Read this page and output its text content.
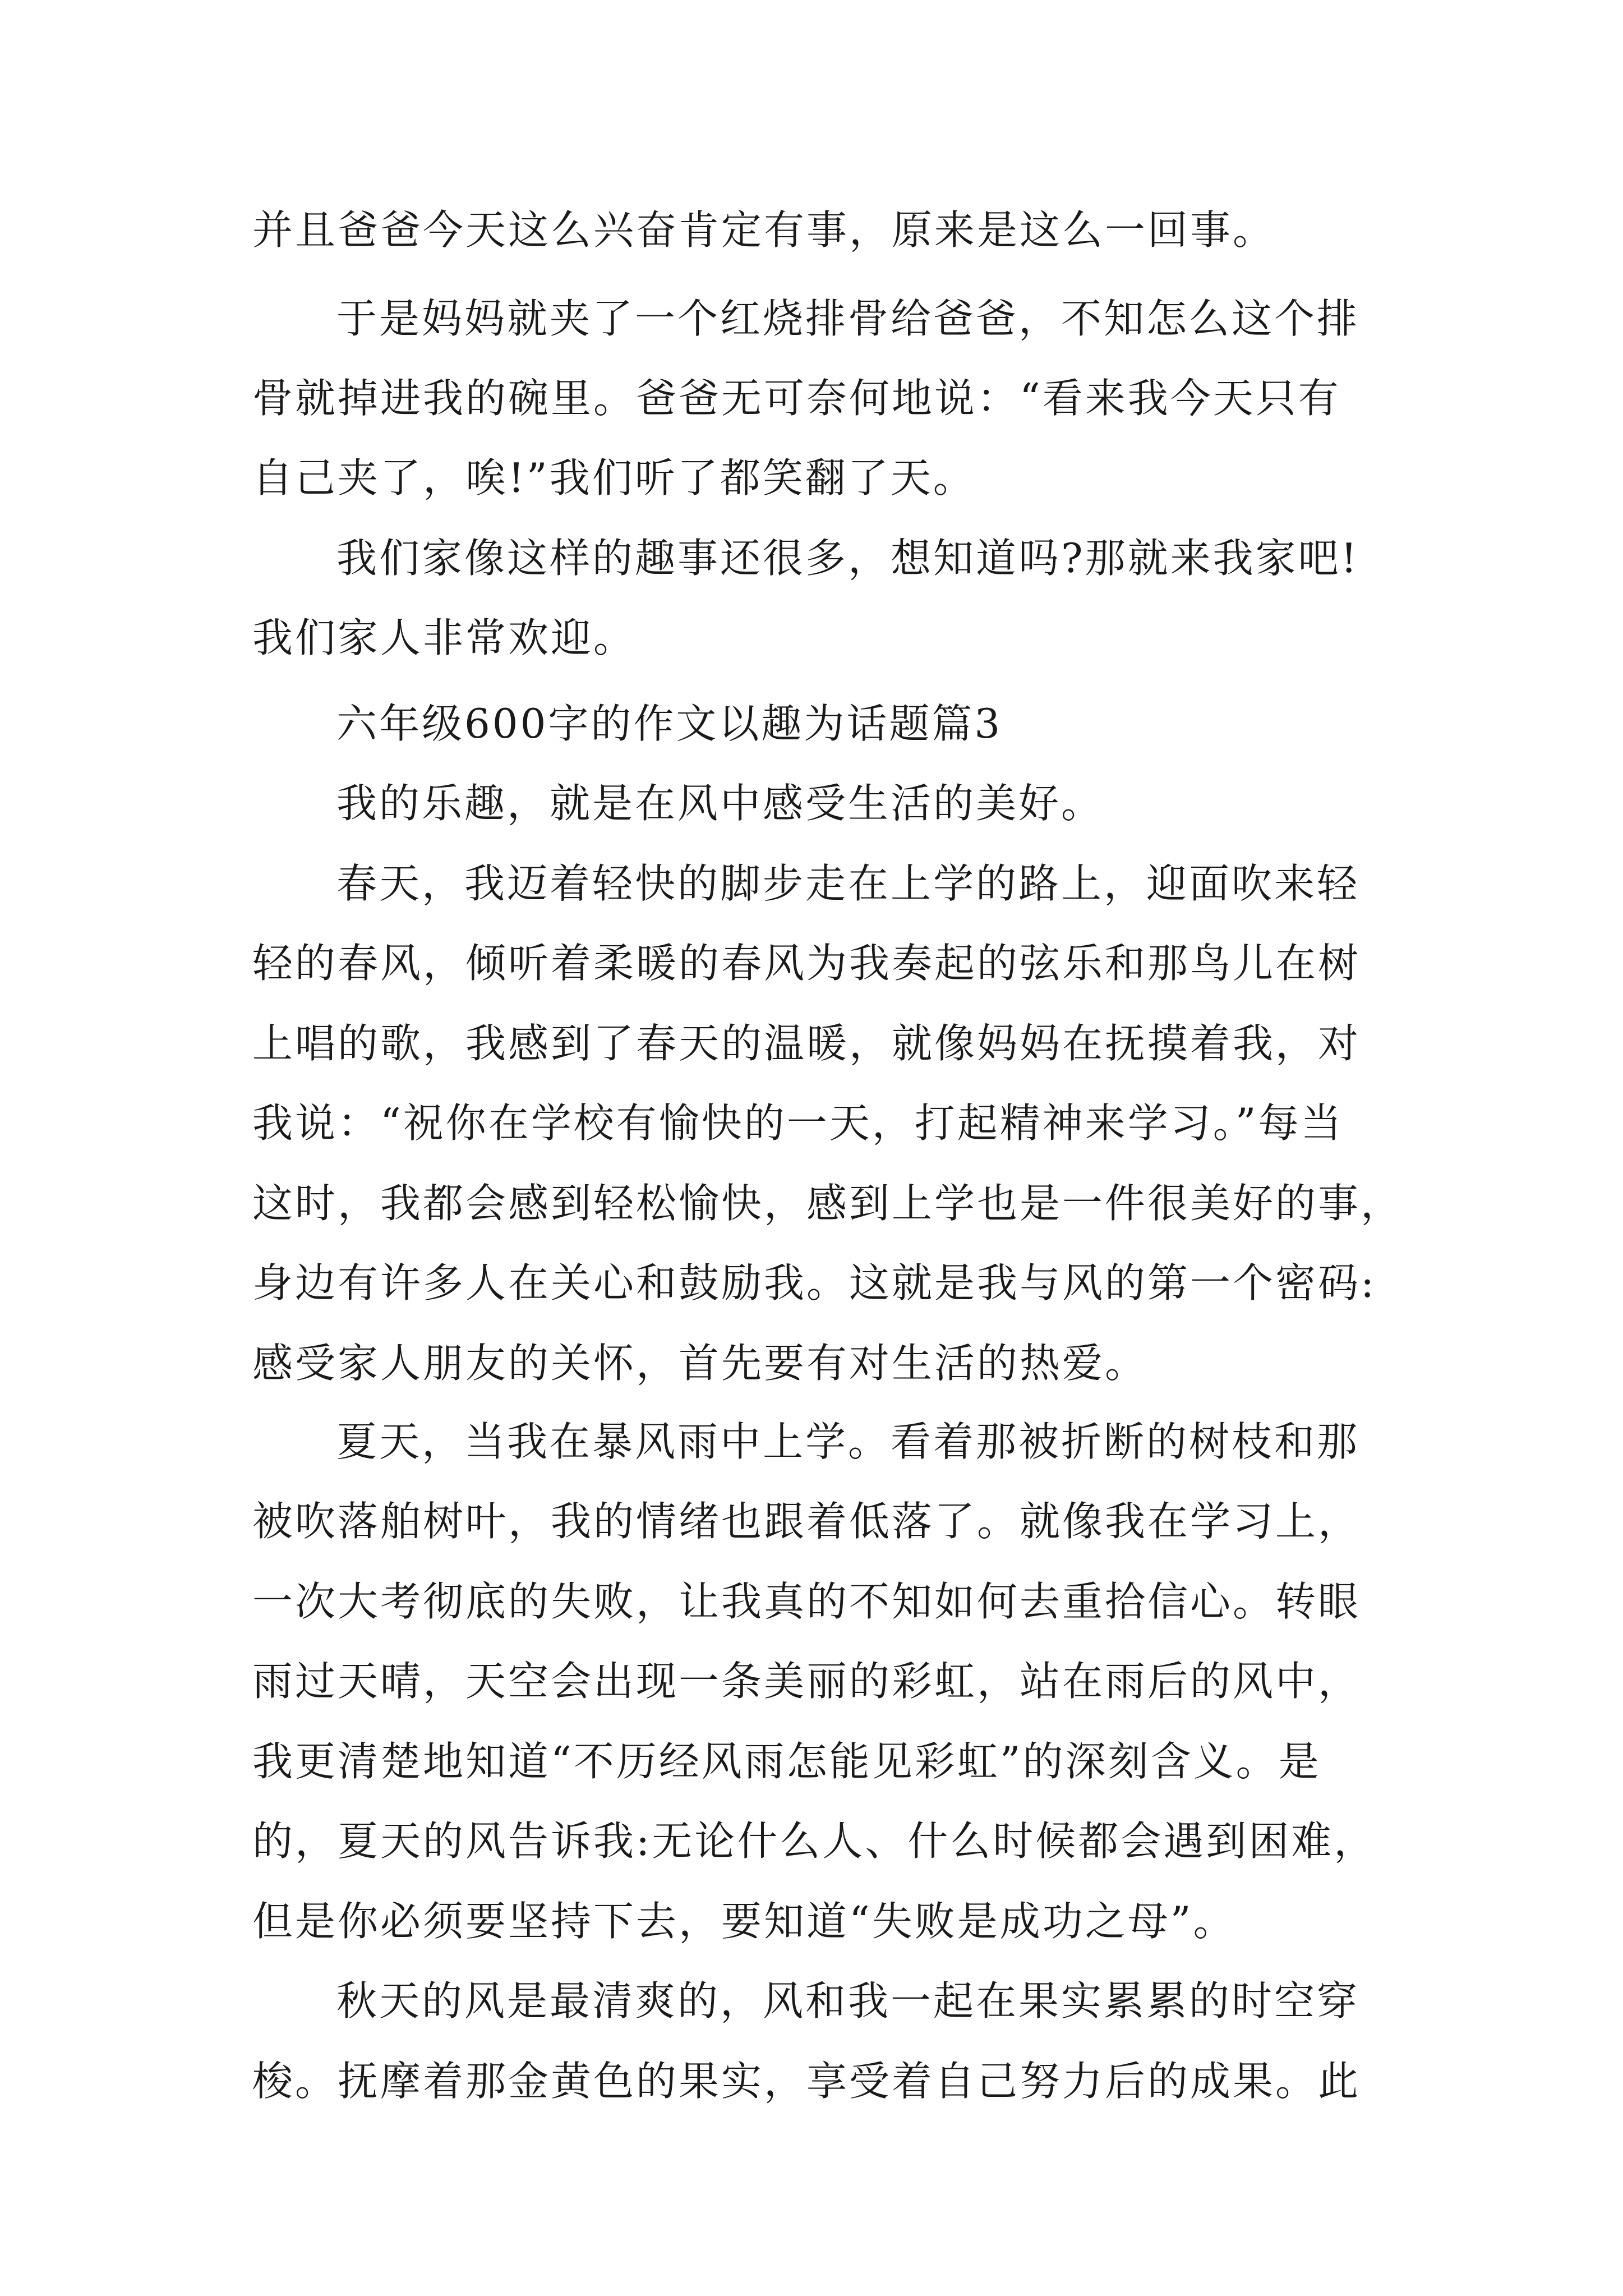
并且爸爸今天这么兴奋肯定有事，原来是这么一回事。
于是妈妈就夹了一个红烧排骨给爸爸，不知怎么这个排
骨就掉进我的碗里。爸爸无可奈何地说：“看来我今天只有
自己夹了，唉!”我们听了都笑翻了天。
我们家像这样的趣事还很多，想知道吗?那就来我家吧!
我们家人非常欢迎。
六年级600字的作文以趣为话题篇3
我的乐趣，就是在风中感受生活的美好。
春天，我迈着轻快的脚步走在上学的路上，迎面吹来轻
轻的春风，倾听着柔暖的春风为我奏起的弦乐和那鸟儿在树
上唱的歌，我感到了春天的温暖，就像妈妈在抚摸着我，对
我说：“祝你在学校有愉快的一天，打起精神来学习。”每当
这时，我都会感到轻松愉快，感到上学也是一件很美好的事，
身边有许多人在关心和鼓励我。这就是我与风的第一个密码:
感受家人朋友的关怀，首先要有对生活的热爱。
夏天，当我在暴风雨中上学。看着那被折断的树枝和那
被吹落舶树叶，我的情绪也跟着低落了。就像我在学习上，
一次大考彻底的失败，让我真的不知如何去重拾信心。转眼
雨过天晴，天空会出现一条美丽的彩虹，站在雨后的风中，
我更清楚地知道“不历经风雨怎能见彩虹”的深刻含义。是
的，夏天的风告诉我:无论什么人、什么时候都会遇到困难，
但是你必须要坚持下去，要知道“失败是成功之母”。
秋天的风是最清爽的，风和我一起在果实累累的时空穿
梭。抚摩着那金黄色的果实，享受着自己努力后的成果。此
